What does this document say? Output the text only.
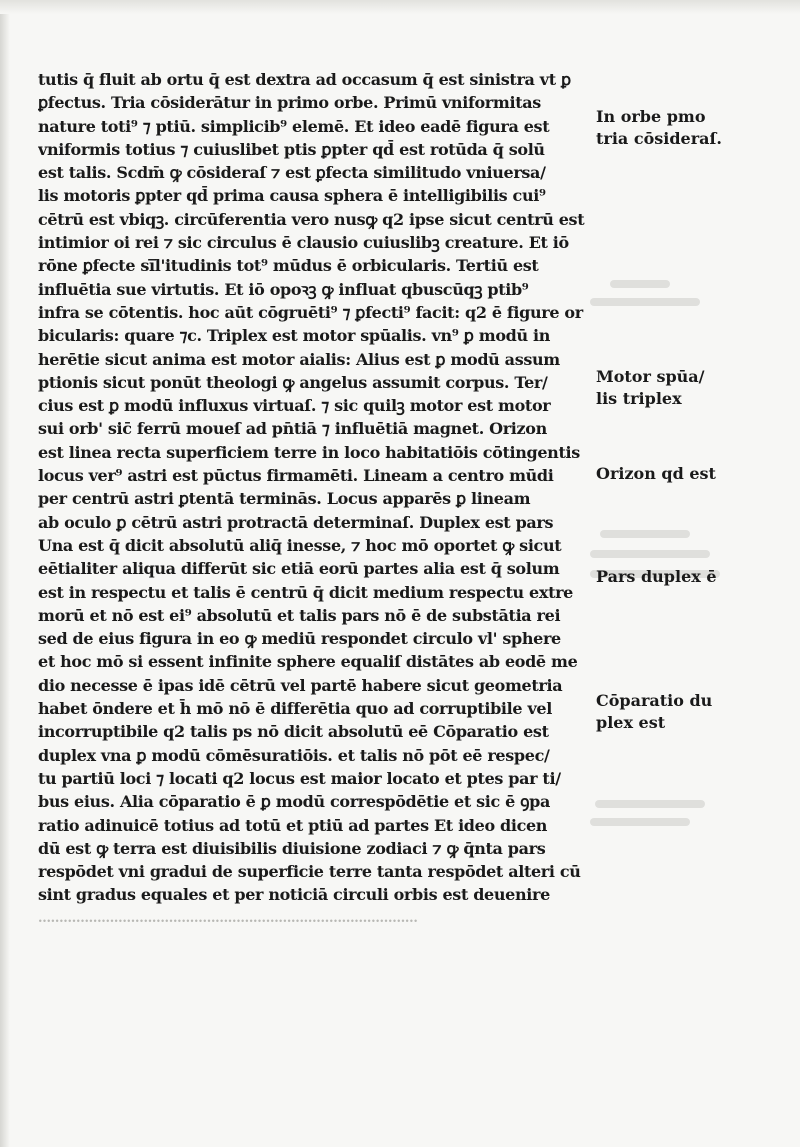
tutis q̄ fluit ab ortu q̄ est dextra ad occasum q̄ est sinistra vt ꝑ
ꝑfectus. Tria cōsiderātur in primo orbe. Primū vniformitas
nature toti⁹ ⁊ ptiū. simplicib⁹ elemē. Et ideo eadē figura est
vniformis totius ⁊ cuiuslibet ptis ꝑpter qd̄ est rotūda q̄ solū
est talis. Scdm̄ ꝙ cōsideraſ ⁊ est ꝑfecta similitudo vniuersa/
lis motoris ꝑpter qd̄ prima causa sphera ē intelligibilis cui⁹
cētrū est vbiqꝫ. circūferentia vero nusꝙ q2 ipse sicut centrū est
intimior oi rei ⁊ sic circulus ē clausio cuiuslibꝫ creature. Et iō
rōne ꝑfecte si̅l'itudinis tot⁹ mūdus ē orbicularis. Tertiū est
influētia sue virtutis. Et iō opoꝛꝫ ꝙ influat qbuscūqꝫ ptib⁹
infra se cōtentis. hoc aūt cōgruēti⁹ ⁊ ꝑfecti⁹ facit: q2 ē figure or
bicularis: quare ⁊c. Triplex est motor spūalis. vn⁹ ꝑ modū in
herētie sicut anima est motor aialis: Alius est ꝑ modū assum
ptionis sicut ponūt theologi ꝙ angelus assumit corpus. Ter/
cius est ꝑ modū influxus virtuaſ. ⁊ sic quilꝫ motor est motor
sui orb' sic̄ ferrū moueſ ad pn̄tiā ⁊ influētiā magnet. Orizon
est linea recta superficiem terre in loco habitatiōis cōtingentis
locus ver⁹ astri est pūctus firmamēti. Lineam a centro mūdi
per centrū astri ꝑtentā terminās. Locus apparēs ꝑ lineam
ab oculo ꝑ cētrū astri protractā determinaſ. Duplex est pars
Una est q̄ dicit absolutū aliq̄ inesse, ⁊ hoc mō oportet ꝙ sicut
eētialiter aliqua differūt sic etiā eorū partes alia est q̄ solum
est in respectu et talis ē centrū q̄ dicit medium respectu extre
morū et nō est ei⁹ absolutū et talis pars nō ē de substātia rei
sed de eius figura in eo ꝙ mediū respondet circulo vl' sphere
et hoc mō si essent infinite sphere equaliſ distātes ab eodē me
dio necesse ē ipas idē cētrū vel partē habere sicut geometria
habet ōndere et h̄ mō nō ē differētia quo ad corruptibile vel
incorruptibile q2 talis ps nō dicit absolutū eē Cōparatio est
duplex vna ꝑ modū cōmēsuratiōis. et talis nō pōt eē respec/
tu partiū loci ⁊ locati q2 locus est maior locato et ptes par ti/
bus eius. Alia cōparatio ē ꝑ modū correspōdētie et sic ē ꝯpa
ratio adinuicē totius ad totū et ptiū ad partes Et ideo dicen
dū est ꝙ terra est diuisibilis diuisione zodiaci ⁊ ꝙ q̄nta pars
respōdet vni gradui de superficie terre tanta respōdet alteri cū
sint gradus equales et per noticiā circuli orbis est deuenire
………………………………………………………………………………
In orbe pmo
tria cōsideraſ.
Motor spūa/
lis triplex
Orizon qd est
Pars duplex ē
Cōparatio du
plex est
